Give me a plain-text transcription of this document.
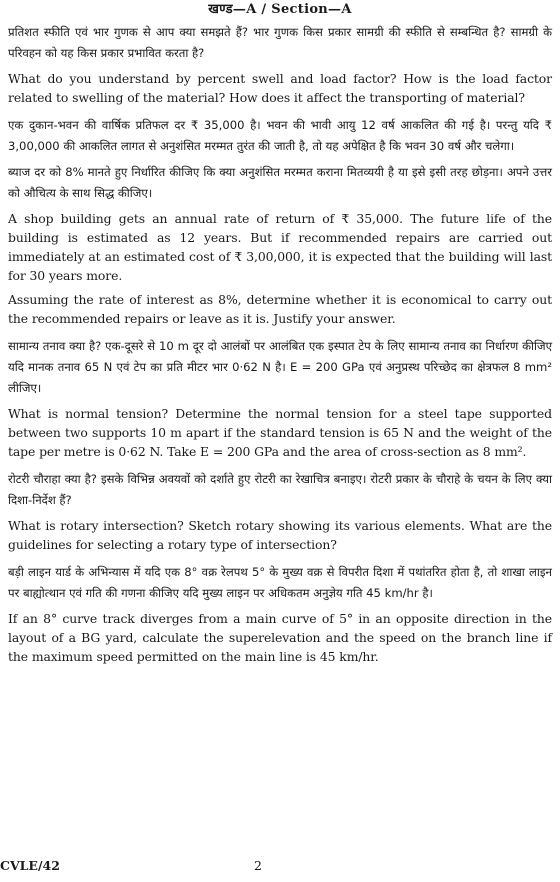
खण्ड—A / Section—A

प्रतिशत स्फीति एवं भार गुणक से आप क्या समझते हैं? भार गुणक किस प्रकार सामग्री की स्फीति से सम्बन्धित है? सामग्री के परिवहन को यह किस प्रकार प्रभावित करता है?

What do you understand by percent swell and load factor? How is the load factor related to swelling of the material? How does it affect the transporting of material?

एक दुकान-भवन की वार्षिक प्रतिफल दर ₹ 35,000 है। भवन की भावी आयु 12 वर्ष आकलित की गई है। परन्तु यदि ₹ 3,00,000 की आकलित लागत से अनुशंसित मरम्मत तुरंत की जाती है, तो यह अपेक्षित है कि भवन 30 वर्ष और चलेगा।

ब्याज दर को 8% मानते हुए निर्धारित कीजिए कि क्या अनुशंसित मरम्मत कराना मितव्ययी है या इसे इसी तरह छोड़ना। अपने उत्तर को औचित्य के साथ सिद्ध कीजिए।

A shop building gets an annual rate of return of ₹ 35,000. The future life of the building is estimated as 12 years. But if recommended repairs are carried out immediately at an estimated cost of ₹ 3,00,000, it is expected that the building will last for 30 years more.

Assuming the rate of interest as 8%, determine whether it is economical to carry out the recommended repairs or leave as it is. Justify your answer.

सामान्य तनाव क्या है? एक-दूसरे से 10 m दूर दो आलंबों पर आलंबित एक इस्पात टेप के लिए सामान्य तनाव का निर्धारण कीजिए यदि मानक तनाव 65 N एवं टेप का प्रति मीटर भार 0·62 N है। E = 200 GPa एवं अनुप्रस्थ परिच्छेद का क्षेत्रफल 8 mm² लीजिए।

What is normal tension? Determine the normal tension for a steel tape supported between two supports 10 m apart if the standard tension is 65 N and the weight of the tape per metre is 0·62 N. Take E = 200 GPa and the area of cross-section as 8 mm².

रोटरी चौराहा क्या है? इसके विभिन्न अवयवों को दर्शाते हुए रोटरी का रेखाचित्र बनाइए। रोटरी प्रकार के चौराहे के चयन के लिए क्या दिशा-निर्देश हैं?

What is rotary intersection? Sketch rotary showing its various elements. What are the guidelines for selecting a rotary type of intersection?

बड़ी लाइन यार्ड के अभिन्यास में यदि एक 8° वक्र रेलपथ 5° के मुख्य वक्र से विपरीत दिशा में पथांतरित होता है, तो शाखा लाइन पर बाह्योत्थान एवं गति की गणना कीजिए यदि मुख्य लाइन पर अधिकतम अनुज्ञेय गति 45 km/hr है।

If an 8° curve track diverges from a main curve of 5° in an opposite direction in the layout of a BG yard, calculate the superelevation and the speed on the branch line if the maximum speed permitted on the main line is 45 km/hr.

CVLE/42	2
